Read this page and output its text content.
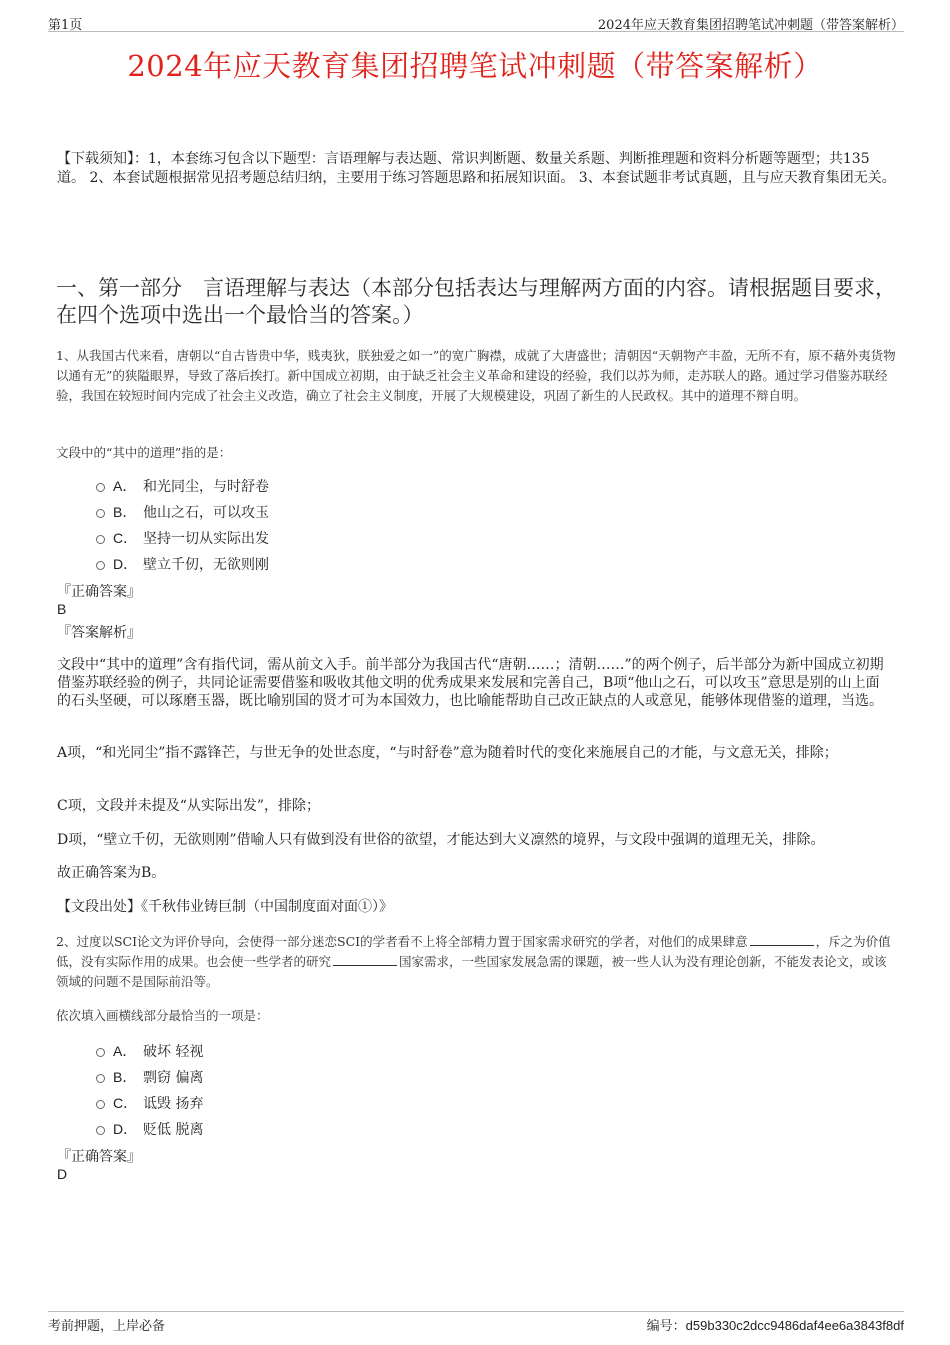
第1页	2024年应天教育集团招聘笔试冲刺题（带答案解析）
2024年应天教育集团招聘笔试冲刺题（带答案解析）
【下载须知】：1，本套练习包含以下题型：言语理解与表达题、常识判断题、数量关系题、判断推理题和资料分析题等题型；共135道。 2、本套试题根据常见招考题总结归纳，主要用于练习答题思路和拓展知识面。 3、本套试题非考试真题，且与应天教育集团无关。
一、第一部分　言语理解与表达（本部分包括表达与理解两方面的内容。请根据题目要求，在四个选项中选出一个最恰当的答案。）
1、从我国古代来看，唐朝以“自古皆贵中华，贱夷狄，朕独爱之如一”的宽广胸襟，成就了大唐盛世；清朝因“天朝物产丰盈，无所不有，原不藉外夷货物以通有无”的狭隘眼界，导致了落后挨打。新中国成立初期，由于缺乏社会主义革命和建设的经验，我们以苏为师，走苏联人的路。通过学习借鉴苏联经验，我国在较短时间内完成了社会主义改造，确立了社会主义制度，开展了大规模建设，巩固了新生的人民政权。其中的道理不辩自明。
文段中的“其中的道理”指的是：
A． 和光同尘，与时舒卷
B． 他山之石，可以攻玉
C． 坚持一切从实际出发
D． 壁立千仞，无欲则刚
『正确答案』
B
『答案解析』
文段中“其中的道理”含有指代词，需从前文入手。前半部分为我国古代“唐朝……；清朝……”的两个例子，后半部分为新中国成立初期借鉴苏联经验的例子，共同论证需要借鉴和吸收其他文明的优秀成果来发展和完善自己，B项“他山之石，可以攻玉”意思是别的山上面的石头坚硬，可以琢磨玉器，既比喻别国的贤才可为本国效力，也比喻能帮助自己改正缺点的人或意见，能够体现借鉴的道理，当选。
A项，“和光同尘”指不露锋芒，与世无争的处世态度，“与时舒卷”意为随着时代的变化来施展自己的才能，与文意无关，排除；
C项，文段并未提及“从实际出发”，排除；
D项，“壁立千仞，无欲则刚”借喻人只有做到没有世俗的欲望，才能达到大义凛然的境界，与文段中强调的道理无关，排除。
故正确答案为B。
【文段出处】《千秋伟业铸巨制（中国制度面对面①）》
2、过度以SCI论文为评价导向，会使得一部分迷恋SCI的学者看不上将全部精力置于国家需求研究的学者，对他们的成果肆意	，斥之为价值低，没有实际作用的成果。也会使一些学者的研究	国家需求，一些国家发展急需的课题，被一些人认为没有理论创新，不能发表论文，或该领域的问题不是国际前沿等。
依次填入画横线部分最恰当的一项是：
A． 破坏 轻视
B． 剽窃 偏离
C． 诋毁 扬弃
D． 贬低 脱离
『正确答案』
D
考前押题，上岸必备	编号：d59b330c2dcc9486daf4ee6a3843f8df
